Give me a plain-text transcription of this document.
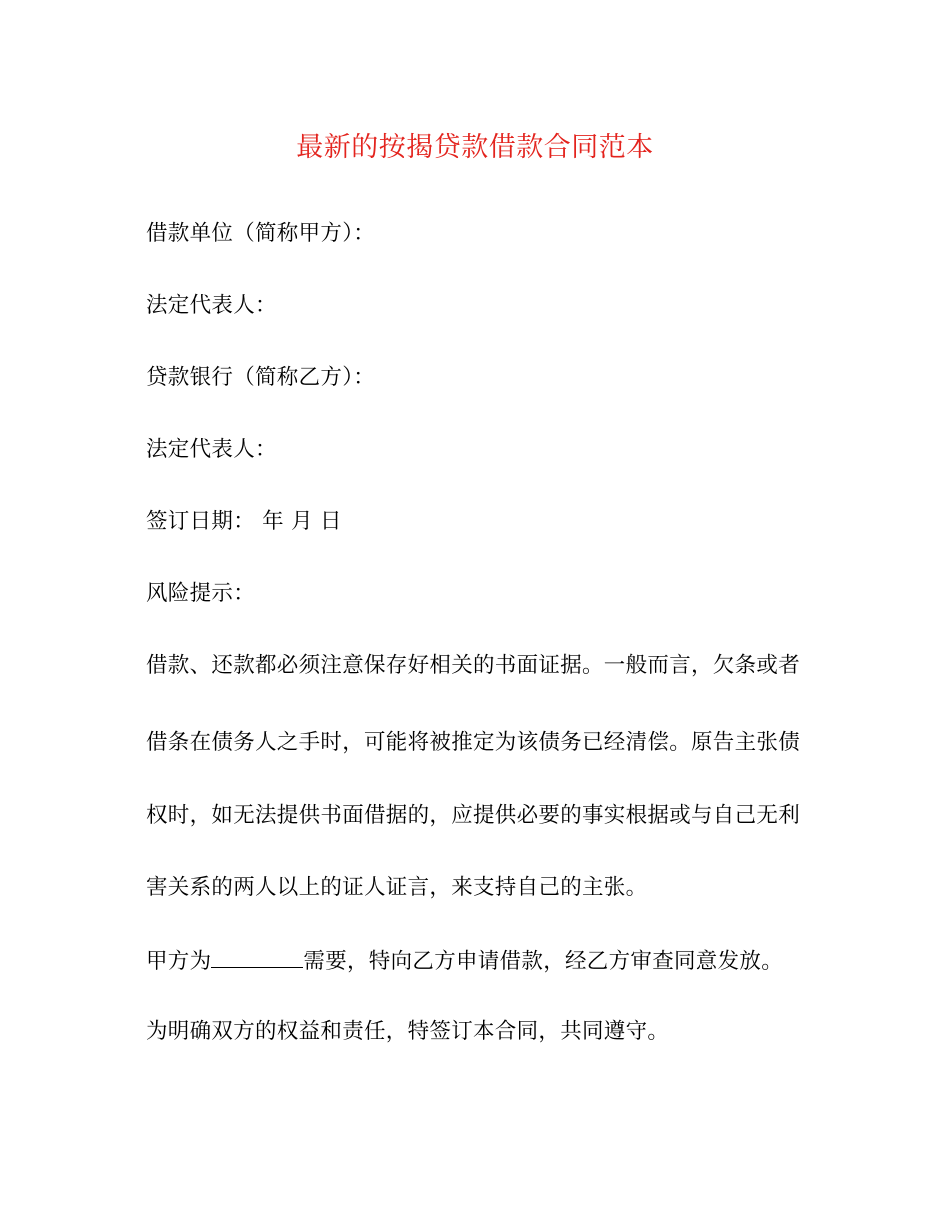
最新的按揭贷款借款合同范本
借款单位（简称甲方）：
法定代表人：
贷款银行（简称乙方）：
法定代表人：
签订日期： 年 月 日
风险提示：
借款、还款都必须注意保存好相关的书面证据。一般而言，欠条或者
借条在债务人之手时，可能将被推定为该债务已经清偿。原告主张债
权时，如无法提供书面借据的，应提供必要的事实根据或与自己无利
害关系的两人以上的证人证言，来支持自己的主张。
甲方为	需要，特向乙方申请借款，经乙方审查同意发放。
为明确双方的权益和责任，特签订本合同，共同遵守。
